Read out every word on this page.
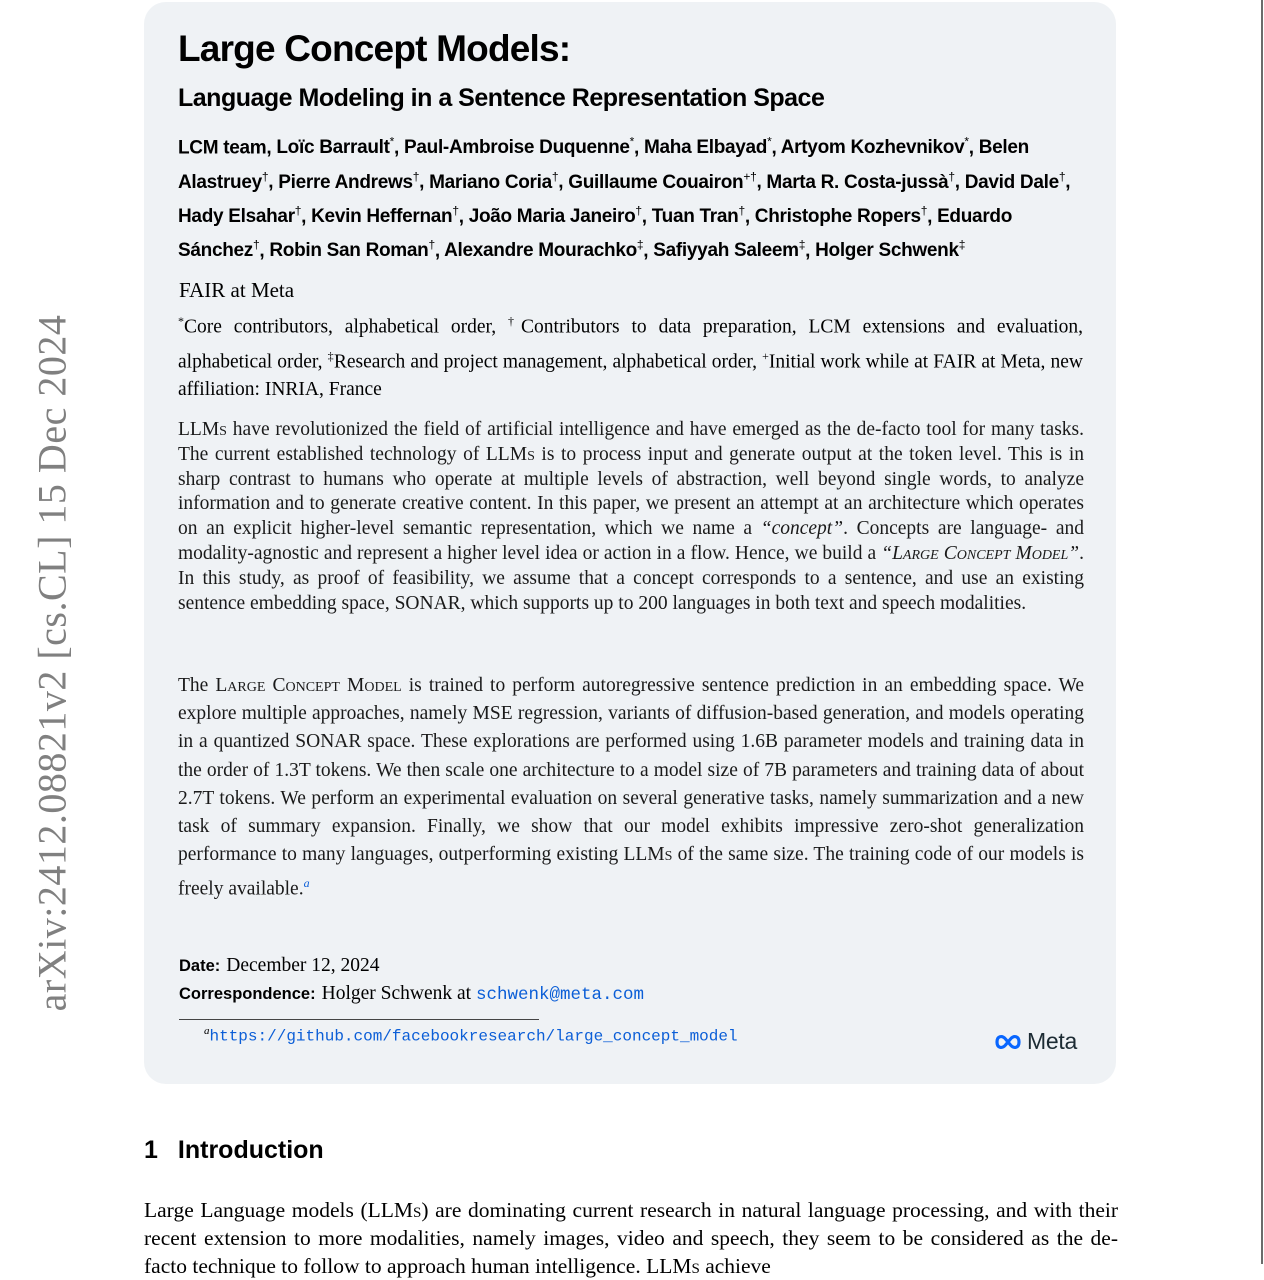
arXiv:2412.08821v2 [cs.CL] 15 Dec 2024
Large Concept Models:
Language Modeling in a Sentence Representation Space
LCM team, Loïc Barrault*, Paul-Ambroise Duquenne*, Maha Elbayad*, Artyom Kozhevnikov*, Belen Alastruey†, Pierre Andrews†, Mariano Coria†, Guillaume Couairon+†, Marta R. Costa-jussà†, David Dale†, Hady Elsahar†, Kevin Heffernan†, João Maria Janeiro†, Tuan Tran†, Christophe Ropers†, Eduardo Sánchez†, Robin San Roman†, Alexandre Mourachko‡, Safiyyah Saleem‡, Holger Schwenk‡
FAIR at Meta
*Core contributors, alphabetical order, †Contributors to data preparation, LCM extensions and evaluation, alphabetical order, ‡Research and project management, alphabetical order, +Initial work while at FAIR at Meta, new affiliation: INRIA, France
LLMs have revolutionized the field of artificial intelligence and have emerged as the de-facto tool for many tasks. The current established technology of LLMs is to process input and generate output at the token level. This is in sharp contrast to humans who operate at multiple levels of abstraction, well beyond single words, to analyze information and to generate creative content. In this paper, we present an attempt at an architecture which operates on an explicit higher-level semantic representation, which we name a “concept”. Concepts are language- and modality-agnostic and represent a higher level idea or action in a flow. Hence, we build a “Large Concept Model”. In this study, as proof of feasibility, we assume that a concept corresponds to a sentence, and use an existing sentence embedding space, SONAR, which supports up to 200 languages in both text and speech modalities.
The Large Concept Model is trained to perform autoregressive sentence prediction in an embedding space. We explore multiple approaches, namely MSE regression, variants of diffusion-based generation, and models operating in a quantized SONAR space. These explorations are performed using 1.6B parameter models and training data in the order of 1.3T tokens. We then scale one architecture to a model size of 7B parameters and training data of about 2.7T tokens. We perform an experimental evaluation on several generative tasks, namely summarization and a new task of summary expansion. Finally, we show that our model exhibits impressive zero-shot generalization performance to many languages, outperforming existing LLMs of the same size. The training code of our models is freely available.$^a$
Date: December 12, 2024
Correspondence: Holger Schwenk at schwenk@meta.com
$^a$https://github.com/facebookresearch/large_concept_model	Meta
1 Introduction
Large Language models (LLMs) are dominating current research in natural language processing, and with their recent extension to more modalities, namely images, video and speech, they seem to be considered as the de-facto technique to follow to approach human intelligence. LLMs achieve
